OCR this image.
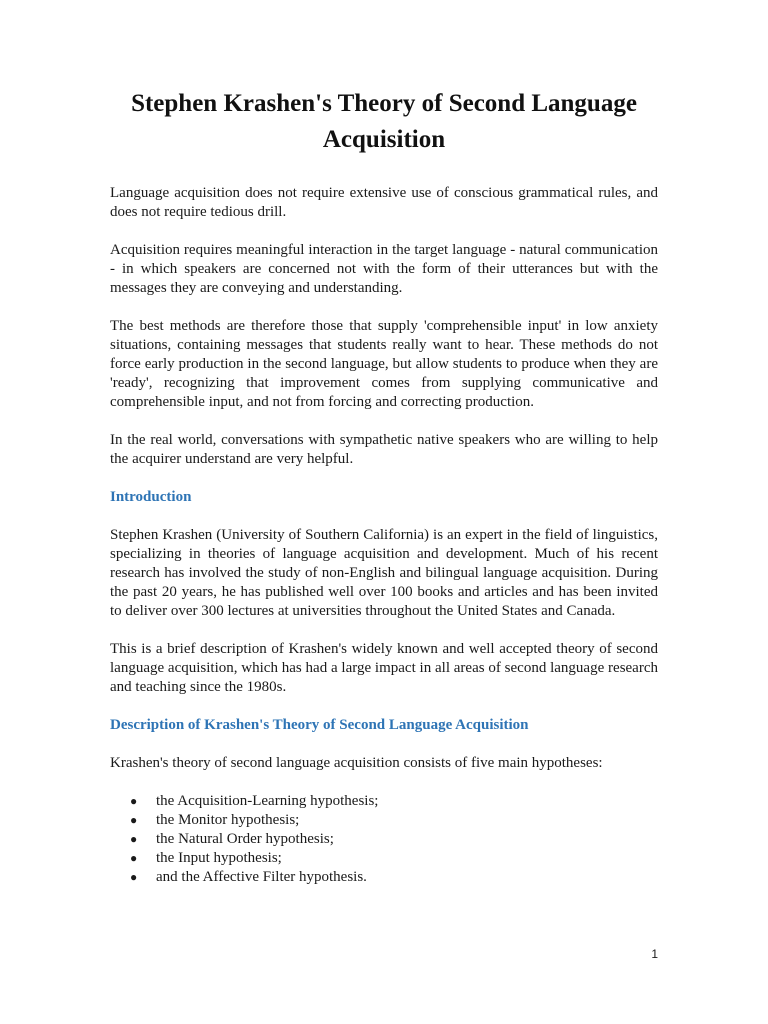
Stephen Krashen's Theory of Second Language Acquisition

Language acquisition does not require extensive use of conscious grammatical rules, and does not require tedious drill.

Acquisition requires meaningful interaction in the target language - natural communication - in which speakers are concerned not with the form of their utterances but with the messages they are conveying and understanding.

The best methods are therefore those that supply 'comprehensible input' in low anxiety situations, containing messages that students really want to hear. These methods do not force early production in the second language, but allow students to produce when they are 'ready', recognizing that improvement comes from supplying communicative and comprehensible input, and not from forcing and correcting production.

In the real world, conversations with sympathetic native speakers who are willing to help the acquirer understand are very helpful.

Introduction

Stephen Krashen (University of Southern California) is an expert in the field of linguistics, specializing in theories of language acquisition and development. Much of his recent research has involved the study of non-English and bilingual language acquisition. During the past 20 years, he has published well over 100 books and articles and has been invited to deliver over 300 lectures at universities throughout the United States and Canada.

This is a brief description of Krashen's widely known and well accepted theory of second language acquisition, which has had a large impact in all areas of second language research and teaching since the 1980s.

Description of Krashen's Theory of Second Language Acquisition

Krashen's theory of second language acquisition consists of five main hypotheses:

● the Acquisition-Learning hypothesis;
● the Monitor hypothesis;
● the Natural Order hypothesis;
● the Input hypothesis;
● and the Affective Filter hypothesis.
1
